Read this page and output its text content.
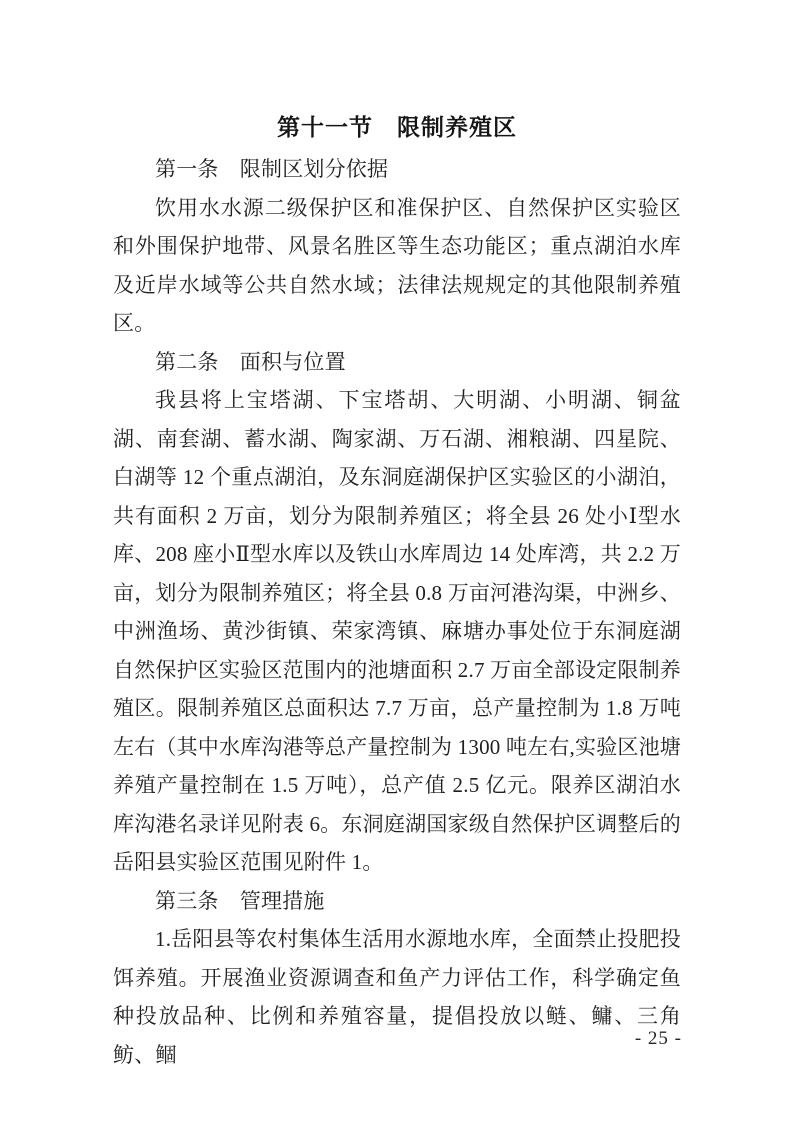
第十一节　限制养殖区

第一条　限制区划分依据

饮用水水源二级保护区和准保护区、自然保护区实验区和外围保护地带、风景名胜区等生态功能区；重点湖泊水库及近岸水域等公共自然水域；法律法规规定的其他限制养殖区。

第二条　面积与位置

我县将上宝塔湖、下宝塔胡、大明湖、小明湖、铜盆湖、南套湖、蓄水湖、陶家湖、万石湖、湘粮湖、四星院、白湖等 12 个重点湖泊，及东洞庭湖保护区实验区的小湖泊，共有面积 2 万亩，划分为限制养殖区；将全县 26 处小Ⅰ型水库、208 座小Ⅱ型水库以及铁山水库周边 14 处库湾，共 2.2 万亩，划分为限制养殖区；将全县 0.8 万亩河港沟渠，中洲乡、中洲渔场、黄沙街镇、荣家湾镇、麻塘办事处位于东洞庭湖自然保护区实验区范围内的池塘面积 2.7 万亩全部设定限制养殖区。限制养殖区总面积达 7.7 万亩，总产量控制为 1.8 万吨左右（其中水库沟港等总产量控制为 1300 吨左右,实验区池塘养殖产量控制在 1.5 万吨），总产值 2.5 亿元。限养区湖泊水库沟港名录详见附表 6。东洞庭湖国家级自然保护区调整后的岳阳县实验区范围见附件 1。

第三条　管理措施

1.岳阳县等农村集体生活用水源地水库，全面禁止投肥投饵养殖。开展渔业资源调查和鱼产力评估工作，科学确定鱼种投放品种、比例和养殖容量，提倡投放以鲢、鳙、三角鲂、鲴

- 25 -
